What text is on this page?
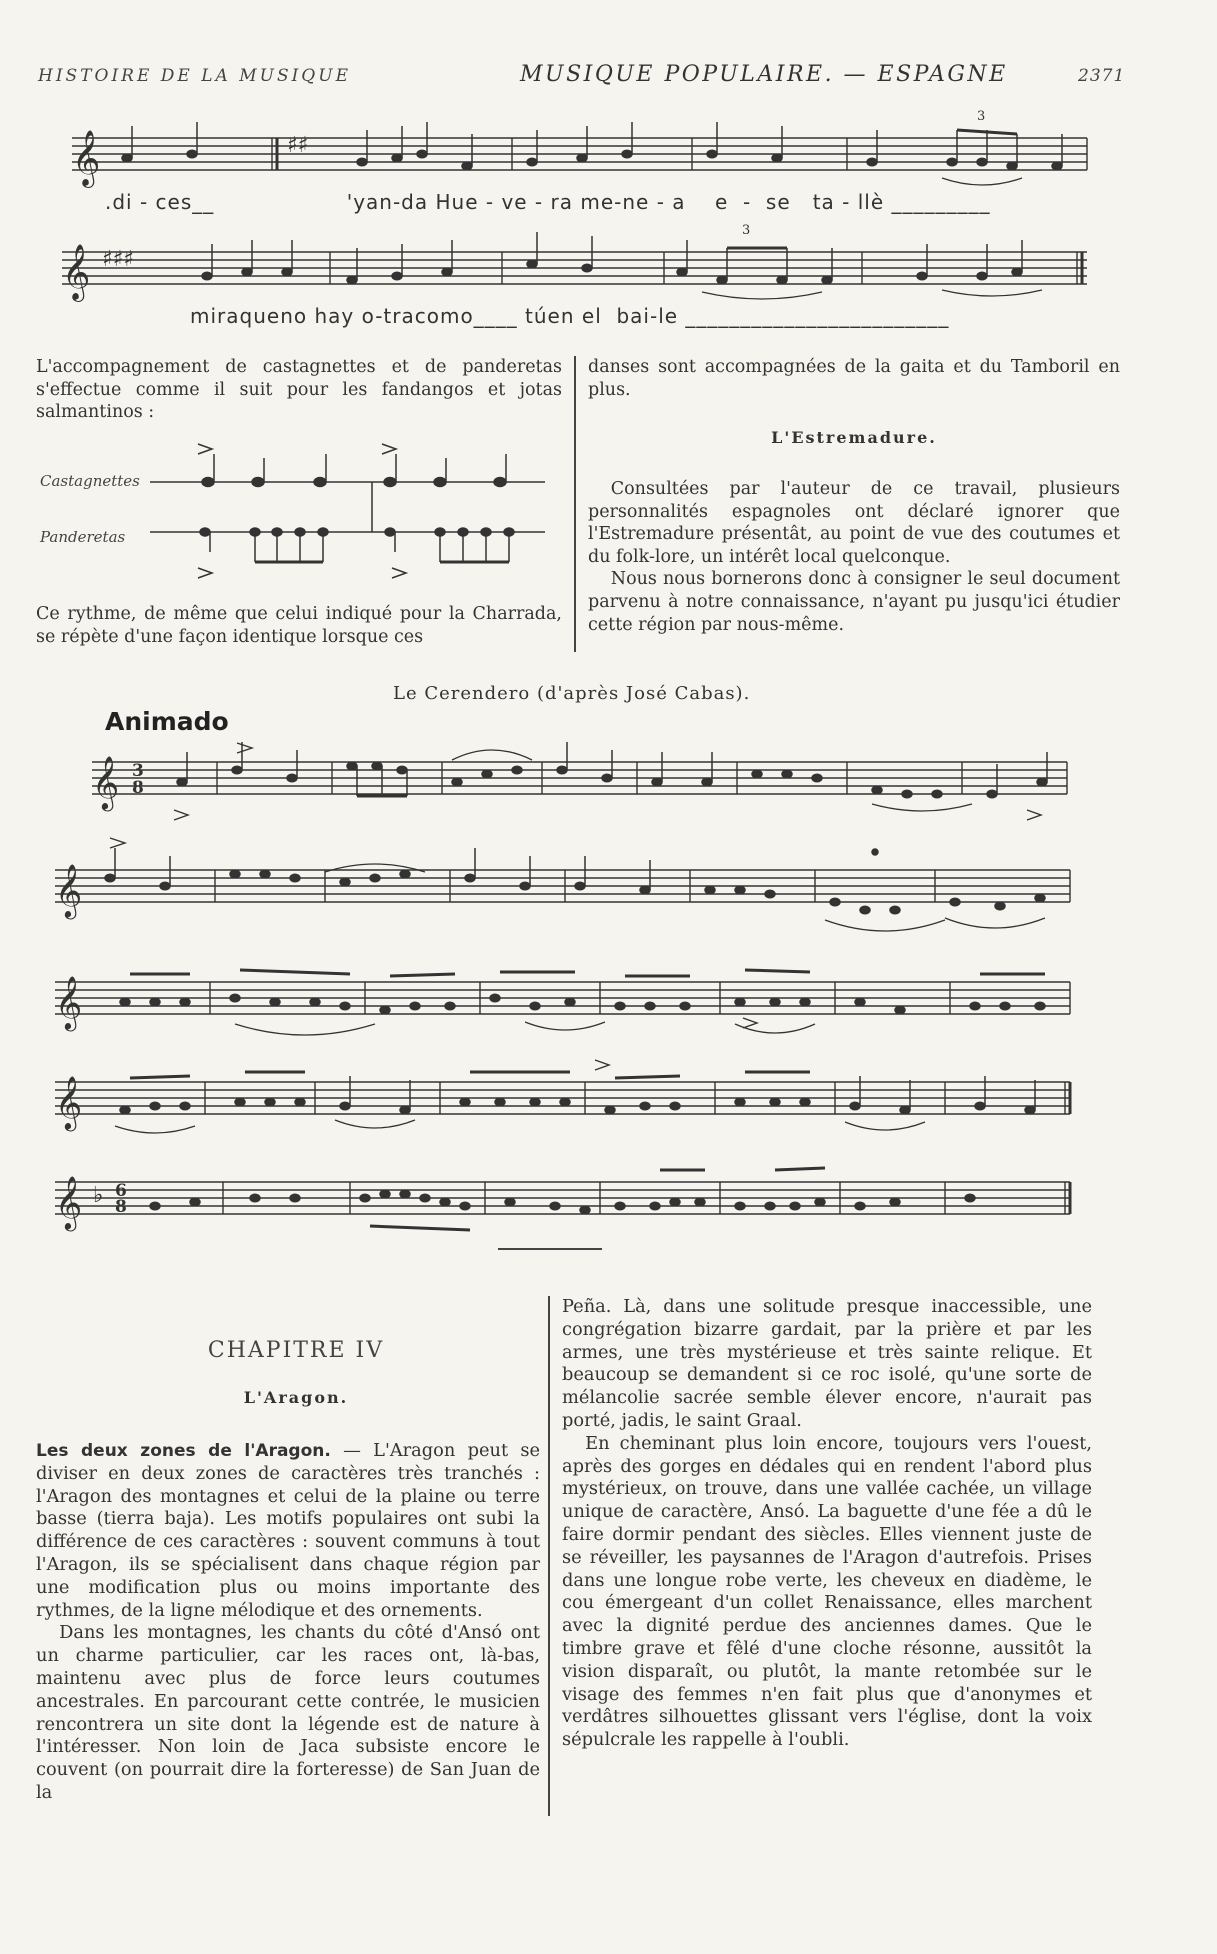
HISTOIRE DE LA MUSIQUE	MUSIQUE POPULAIRE. — ESPAGNE	2371
𝄞	♯♯
3
.di - ces__                  'yan-da Hue - ve - ra me-ne - a    e  -  se   ta - llè _________
𝄞 ♯♯♯
3
miraqueno hay o-tracomo____ túen el  bai-le ________________________

L'accompagnement de castagnettes et de panderetas s'effectue comme il suit pour les fandangos et jotas salmantinos :

Castagnettes
Panderetas

Ce rythme, de même que celui indiqué pour la Charrada, se répète d'une façon identique lorsque ces

danses sont accompagnées de la gaita et du Tamboril en plus.

L'Estremadure.

Consultées par l'auteur de ce travail, plusieurs personnalités espagnoles ont déclaré ignorer que l'Estremadure présentât, au point de vue des coutumes et du folk-lore, un intérêt local quelconque.

Nous nous bornerons donc à consigner le seul document parvenu à notre connaissance, n'ayant pu jusqu'ici étudier cette région par nous-même.

Le Cerendero (d'après José Cabas).
Animado
𝄞 3
8
𝄞
𝄞
𝄞
𝄞 ♭ 6
8
CHAPITRE IV
L'Aragon.

Les deux zones de l'Aragon. — L'Aragon peut se diviser en deux zones de caractères très tranchés : l'Aragon des montagnes et celui de la plaine ou terre basse (tierra baja). Les motifs populaires ont subi la différence de ces caractères : souvent communs à tout l'Aragon, ils se spécialisent dans chaque région par une modification plus ou moins importante des rythmes, de la ligne mélodique et des ornements.

Dans les montagnes, les chants du côté d'Ansó ont un charme particulier, car les races ont, là-bas, maintenu avec plus de force leurs coutumes ancestrales. En parcourant cette contrée, le musicien rencontrera un site dont la légende est de nature à l'intéresser. Non loin de Jaca subsiste encore le couvent (on pourrait dire la forteresse) de San Juan de la

Peña. Là, dans une solitude presque inaccessible, une congrégation bizarre gardait, par la prière et par les armes, une très mystérieuse et très sainte relique. Et beaucoup se demandent si ce roc isolé, qu'une sorte de mélancolie sacrée semble élever encore, n'aurait pas porté, jadis, le saint Graal.

En cheminant plus loin encore, toujours vers l'ouest, après des gorges en dédales qui en rendent l'abord plus mystérieux, on trouve, dans une vallée cachée, un village unique de caractère, Ansó. La baguette d'une fée a dû le faire dormir pendant des siècles. Elles viennent juste de se réveiller, les paysannes de l'Aragon d'autrefois. Prises dans une longue robe verte, les cheveux en diadème, le cou émergeant d'un collet Renaissance, elles marchent avec la dignité perdue des anciennes dames. Que le timbre grave et fêlé d'une cloche résonne, aussitôt la vision disparaît, ou plutôt, la mante retombée sur le visage des femmes n'en fait plus que d'anonymes et verdâtres silhouettes glissant vers l'église, dont la voix sépulcrale les rappelle à l'oubli.
